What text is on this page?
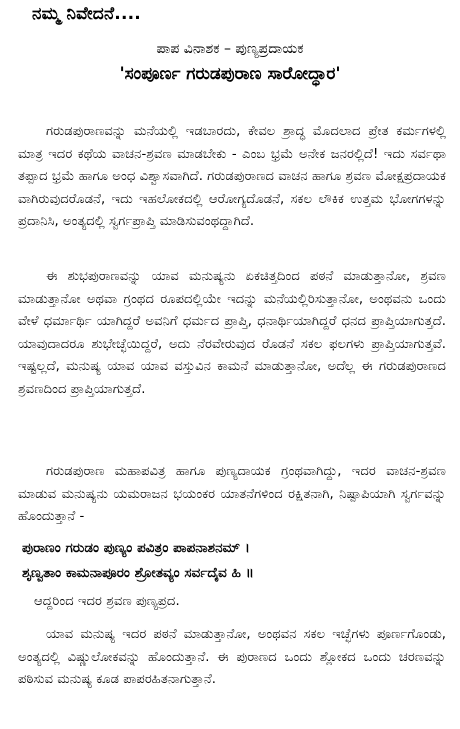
ನಮ್ಮ ನಿವೇದನೆ....
ಪಾಪ ವಿನಾಶಕ – ಪುಣ್ಯಪ್ರದಾಯಕ
'ಸಂಪೂರ್ಣ ಗರುಡಪುರಾಣ ಸಾರೋದ್ಧಾರ'

ಗರುಡಪುರಾಣವನ್ನು ಮನೆಯಲ್ಲಿ ಇಡಬಾರದು, ಕೇವಲ ಶ್ರಾದ್ಧ ಮೊದಲಾದ ಪ್ರೇತ ಕರ್ಮಗಳಲ್ಲಿ ಮಾತ್ರ ಇದರ ಕಥೆಯ ವಾಚನ-ಶ್ರವಣ ಮಾಡಬೇಕು - ಎಂಬ ಭ್ರಮೆ ಅನೇಕ ಜನರಲ್ಲಿದೆ! ಇದು ಸರ್ವಥಾ ತಪ್ಪಾದ ಭ್ರಮೆ ಹಾಗೂ ಅಂಧ ವಿಶ್ವಾಸವಾಗಿದೆ. ಗರುಡಪುರಾಣದ ವಾಚನ ಹಾಗೂ ಶ್ರವಣ ಮೋಕ್ಷಪ್ರದಾಯಕ ವಾಗಿರುವುದರೊಡನೆ, ಇದು ಇಹಲೋಕದಲ್ಲಿ ಆರೋಗ್ಯದೊಡನೆ, ಸಕಲ ಲೌಕಿಕ ಉತ್ತಮ ಭೋಗಗಳನ್ನು ಪ್ರದಾನಿಸಿ, ಅಂತ್ಯದಲ್ಲಿ ಸ್ವರ್ಗಪ್ರಾಪ್ತಿ ಮಾಡಿಸುವಂಥದ್ದಾಗಿದೆ.

ಈ ಶುಭಪುರಾಣವನ್ನು ಯಾವ ಮನುಷ್ಯನು ಏಕಚಿತ್ತದಿಂದ ಪಠನೆ ಮಾಡುತ್ತಾನೋ, ಶ್ರವಣ ಮಾಡುತ್ತಾನೋ ಅಥವಾ ಗ್ರಂಥದ ರೂಪದಲ್ಲಿಯೇ ಇದನ್ನು ಮನೆಯಲ್ಲಿರಿಸುತ್ತಾನೋ, ಅಂಥವನು ಒಂದು ವೇಳೆ ಧರ್ಮಾರ್ಥಿ ಯಾಗಿದ್ದರೆ ಅವನಿಗೆ ಧರ್ಮದ ಪ್ರಾಪ್ತಿ, ಧನಾರ್ಥಿಯಾಗಿದ್ದರೆ ಧನದ ಪ್ರಾಪ್ತಿಯಾಗುತ್ತದೆ. ಯಾವುದಾದರೂ ಶುಭೇಚ್ಛೆಯಿದ್ದರೆ, ಅದು ನೆರವೇರುವುದ ರೊಡನೆ ಸಕಲ ಫಲಗಳು ಪ್ರಾಪ್ತಿಯಾಗುತ್ತವೆ. ಇಷ್ಟಲ್ಲದೆ, ಮನುಷ್ಯ ಯಾವ ಯಾವ ವಸ್ತುವಿನ ಕಾಮನೆ ಮಾಡುತ್ತಾನೋ, ಅದೆಲ್ಲ ಈ ಗರುಡಪುರಾಣದ ಶ್ರವಣದಿಂದ ಪ್ರಾಪ್ತಿಯಾಗುತ್ತದೆ.

ಗರುಡಪುರಾಣ ಮಹಾಪವಿತ್ರ ಹಾಗೂ ಪುಣ್ಯದಾಯಕ ಗ್ರಂಥವಾಗಿದ್ದು, ಇದರ ವಾಚನ-ಶ್ರವಣ ಮಾಡುವ ಮನುಷ್ಯನು ಯಮರಾಜನ ಭಯಂಕರ ಯಾತನೆಗಳಿಂದ ರಕ್ಷಿತನಾಗಿ, ನಿಷ್ಪಾಪಿಯಾಗಿ ಸ್ವರ್ಗವನ್ನು ಹೊಂದುತ್ತಾನೆ -

ಪುರಾಣಂ ಗರುಡಂ ಪುಣ್ಯಂ ಪವಿತ್ರಂ ಪಾಪನಾಶನಮ್ ।
ಶೃಣ್ವತಾಂ ಕಾಮನಾಪೂರಂ ಶ್ರೋತವ್ಯಂ ಸರ್ವದೈವ ಹಿ ॥
ಆದ್ದರಿಂದ ಇದರ ಶ್ರವಣ ಪುಣ್ಯಪ್ರದ.

ಯಾವ ಮನುಷ್ಯ ಇದರ ಪಠನೆ ಮಾಡುತ್ತಾನೋ, ಅಂಥವನ ಸಕಲ ಇಚ್ಛೆಗಳು ಪೂರ್ಣಗೊಂಡು, ಅಂತ್ಯದಲ್ಲಿ ವಿಷ್ಣುಲೋಕವನ್ನು ಹೊಂದುತ್ತಾನೆ. ಈ ಪುರಾಣದ ಒಂದು ಶ್ಲೋಕದ ಒಂದು ಚರಣವನ್ನು ಪಠಿಸುವ ಮನುಷ್ಯ ಕೂಡ ಪಾಪರಹಿತನಾಗುತ್ತಾನೆ.
